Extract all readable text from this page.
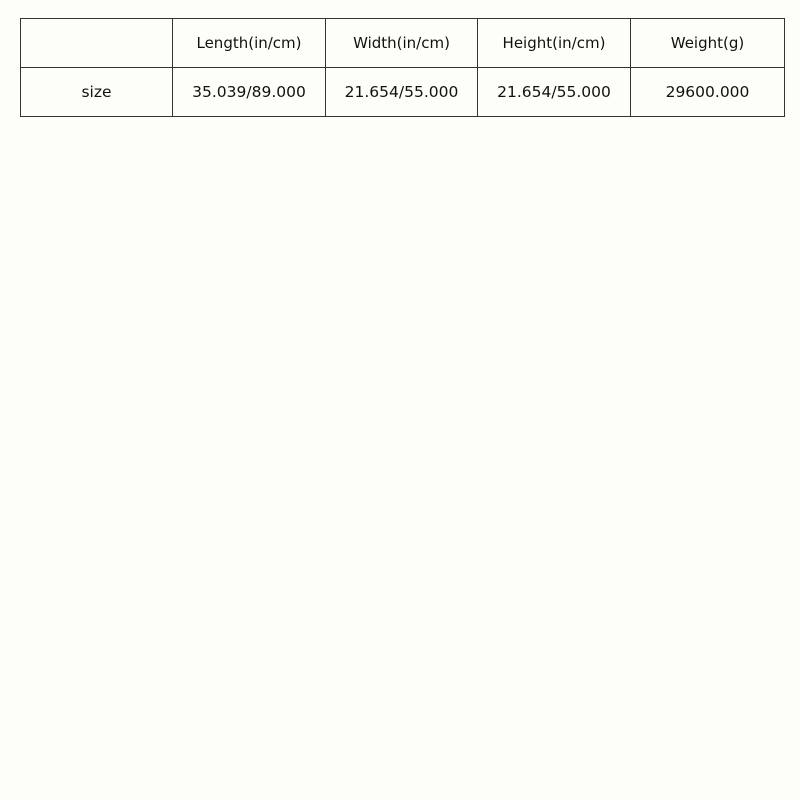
	Length(in/cm)	Width(in/cm)	Height(in/cm)	Weight(g)
size	35.039/89.000	21.654/55.000	21.654/55.000	29600.000
